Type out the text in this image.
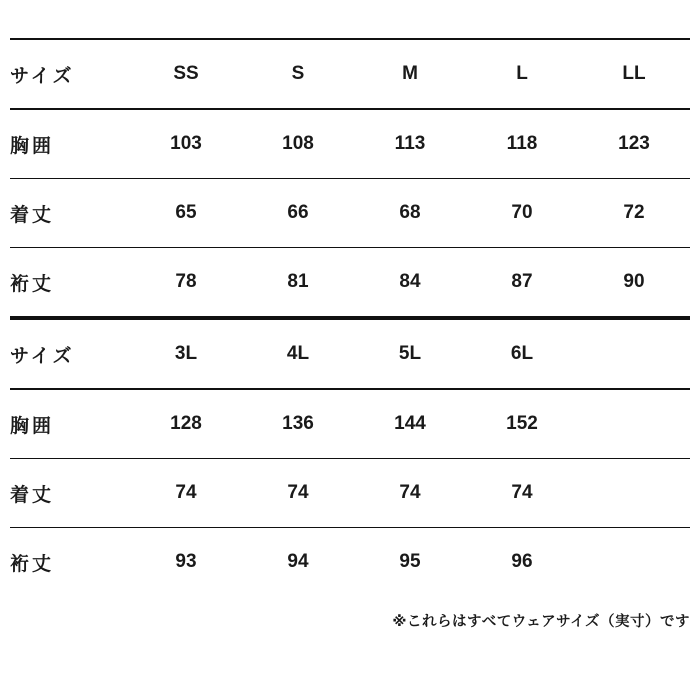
サイズ	SS	S	M	L	LL
胸囲	103	108	113	118	123
着丈	65	66	68	70	72
裄丈	78	81	84	87	90
サイズ	3L	4L	5L	6L	
胸囲	128	136	144	152	
着丈	74	74	74	74	
裄丈	93	94	95	96	
※これらはすべてウェアサイズ（実寸）です
